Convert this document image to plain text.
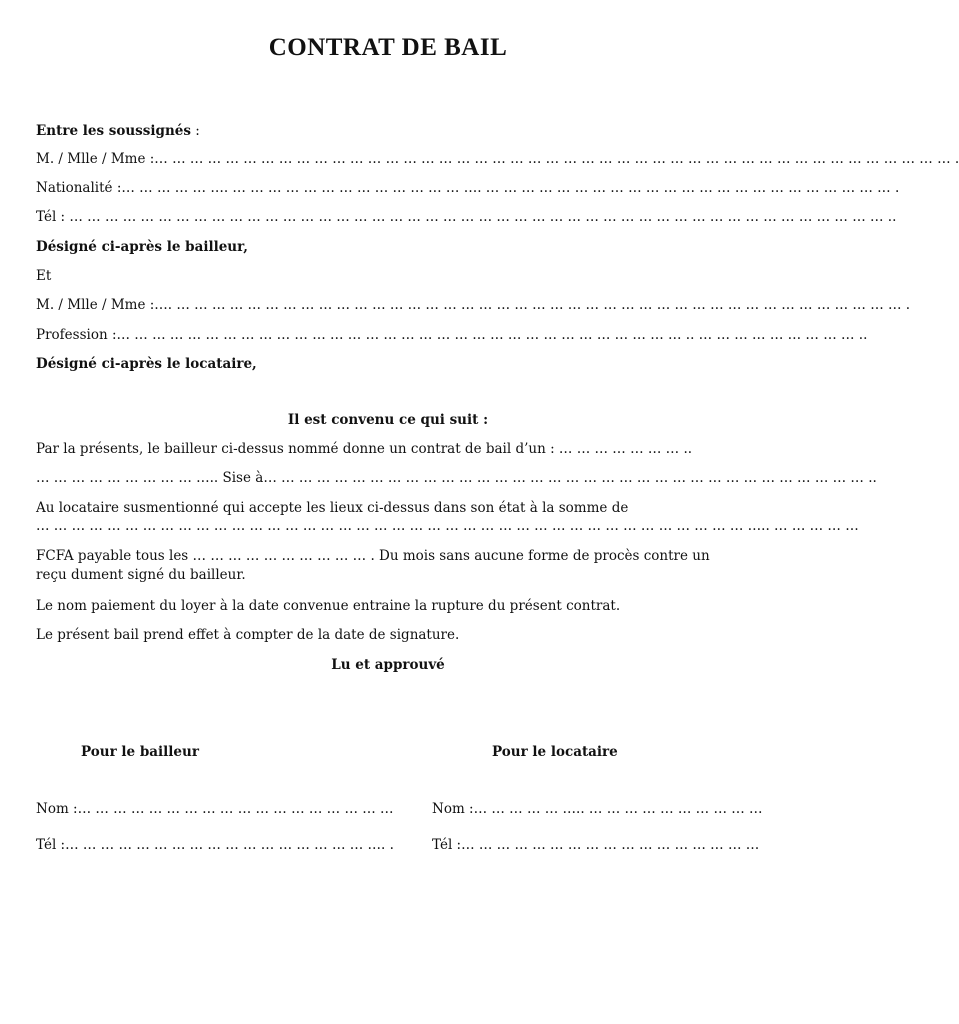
CONTRAT DE BAIL
Entre les soussignés :
M. / Mlle / Mme :… … … … … … … … … … … … … … … … … … … … … … … … … … … … … … … … … … … … … … … … … … … … … .
Nationalité :… … … … … …. … … … … … … … … … … … … … …. … … … … … … … … … … … … … … … … … … … … … … … .
Tél : … … … … … … … … … … … … … … … … … … … … … … … … … … … … … … … … … … … … … … … … … … … … … … ..
Désigné ci-après le bailleur,
Et
M. / Mlle / Mme :…. … … … … … … … … … … … … … … … … … … … … … … … … … … … … … … … … … … … … … … … … … .
Profession :… … … … … … … … … … … … … … … … … … … … … … … … … … … … … … … … .. … … … … … … … … … ..
Désigné ci-après le locataire,
Il est convenu ce qui suit :
Par la présents, le bailleur ci-dessus nommé donne un contrat de bail d’un : … … … … … … … ..
… … … … … … … … … ….. Sise à… … … … … … … … … … … … … … … … … … … … … … … … … … … … … … … … … … ..
Au locataire susmentionné qui accepte les lieux ci-dessus dans son état à la somme de
… … … … … … … … … … … … … … … … … … … … … … … … … … … … … … … … … … … … … … … … ….. … … … … …
FCFA payable tous les … … … … … … … … … … . Du mois sans aucune forme de procès contre un reçu dument signé du bailleur.
Le nom paiement du loyer à la date convenue entraine la rupture du présent contrat.
Le présent bail prend effet à compter de la date de signature.
Lu et approuvé
Pour le bailleur	Pour le locataire
Nom :… … … … … … … … … … … … … … … … … …	Nom :… … … … … ….. … … … … … … … … … …
Tél :… … … … … … … … … … … … … … … … … …. .	Tél :… … … … … … … … … … … … … … … … …
